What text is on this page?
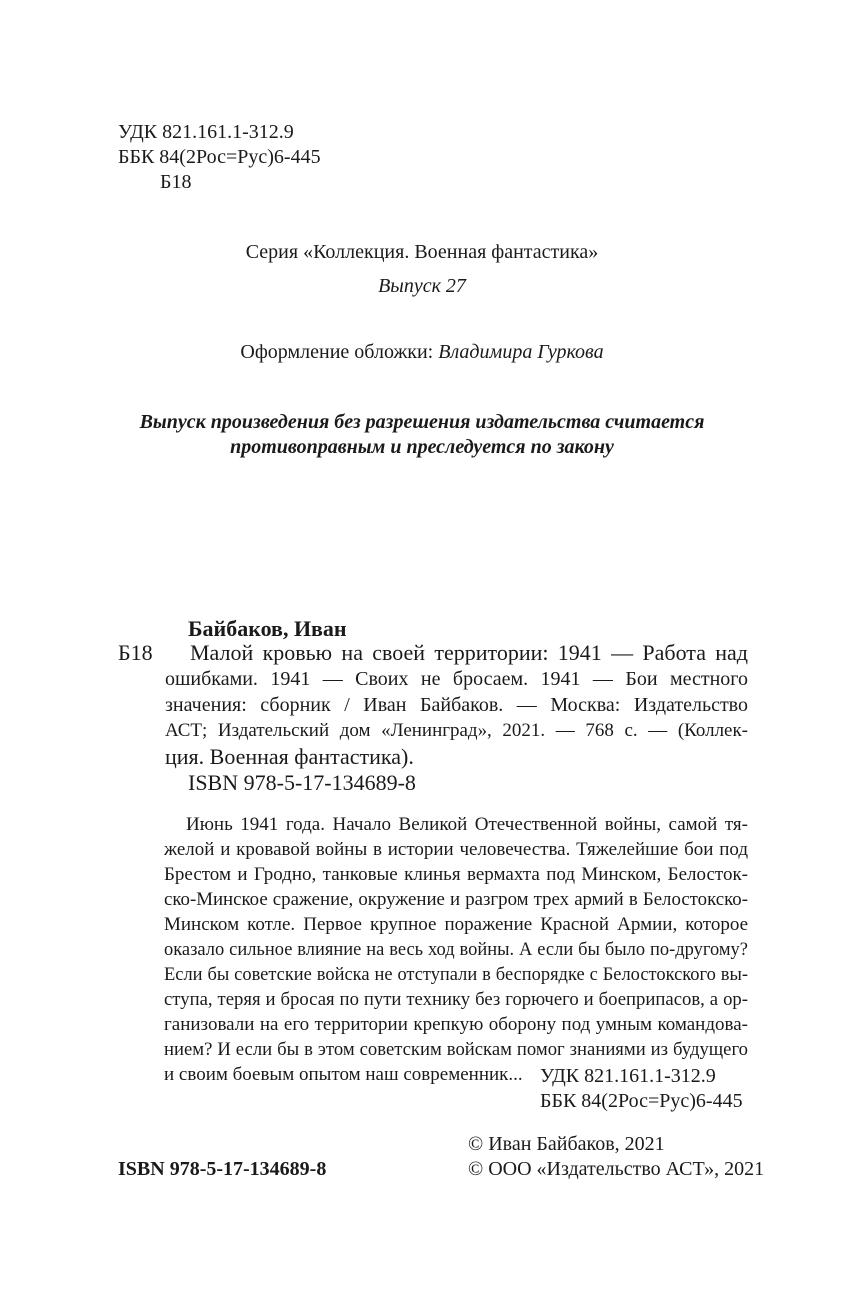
УДК 821.161.1-312.9
ББК 84(2Рос=Рус)6-445
Б18
Серия «Коллекция. Военная фантастика»
Выпуск 27
Оформление обложки: Владимира Гуркова
Выпуск произведения без разрешения издательства считается
противоправным и преследуется по закону
Байбаков, Иван
Б18 Малой кровью на своей территории: 1941 — Работа над
ошибками. 1941 — Своих не бросаем. 1941 — Бои местного
значения: сборник / Иван Байбаков. — Москва: Издательство
АСТ; Издательский дом «Ленинград», 2021. — 768 с. — (Коллек-
ция. Военная фантастика).
ISBN 978-5-17-134689-8
Июнь 1941 года. Начало Великой Отечественной войны, самой тя-
желой и кровавой войны в истории человечества. Тяжелейшие бои под
Брестом и Гродно, танковые клинья вермахта под Минском, Белосток-
ско-Минское сражение, окружение и разгром трех армий в Белостокско-
Минском котле. Первое крупное поражение Красной Армии, которое
оказало сильное влияние на весь ход войны. А если бы было по-другому?
Если бы советские войска не отступали в беспорядке с Белостокского вы-
ступа, теряя и бросая по пути технику без горючего и боеприпасов, а ор-
ганизовали на его территории крепкую оборону под умным командова-
нием? И если бы в этом советским войскам помог знаниями из будущего
и своим боевым опытом наш современник... УДК 821.161.1-312.9
ББК 84(2Рос=Рус)6-445
© Иван Байбаков, 2021
ISBN 978-5-17-134689-8	© ООО «Издательство АСТ», 2021
